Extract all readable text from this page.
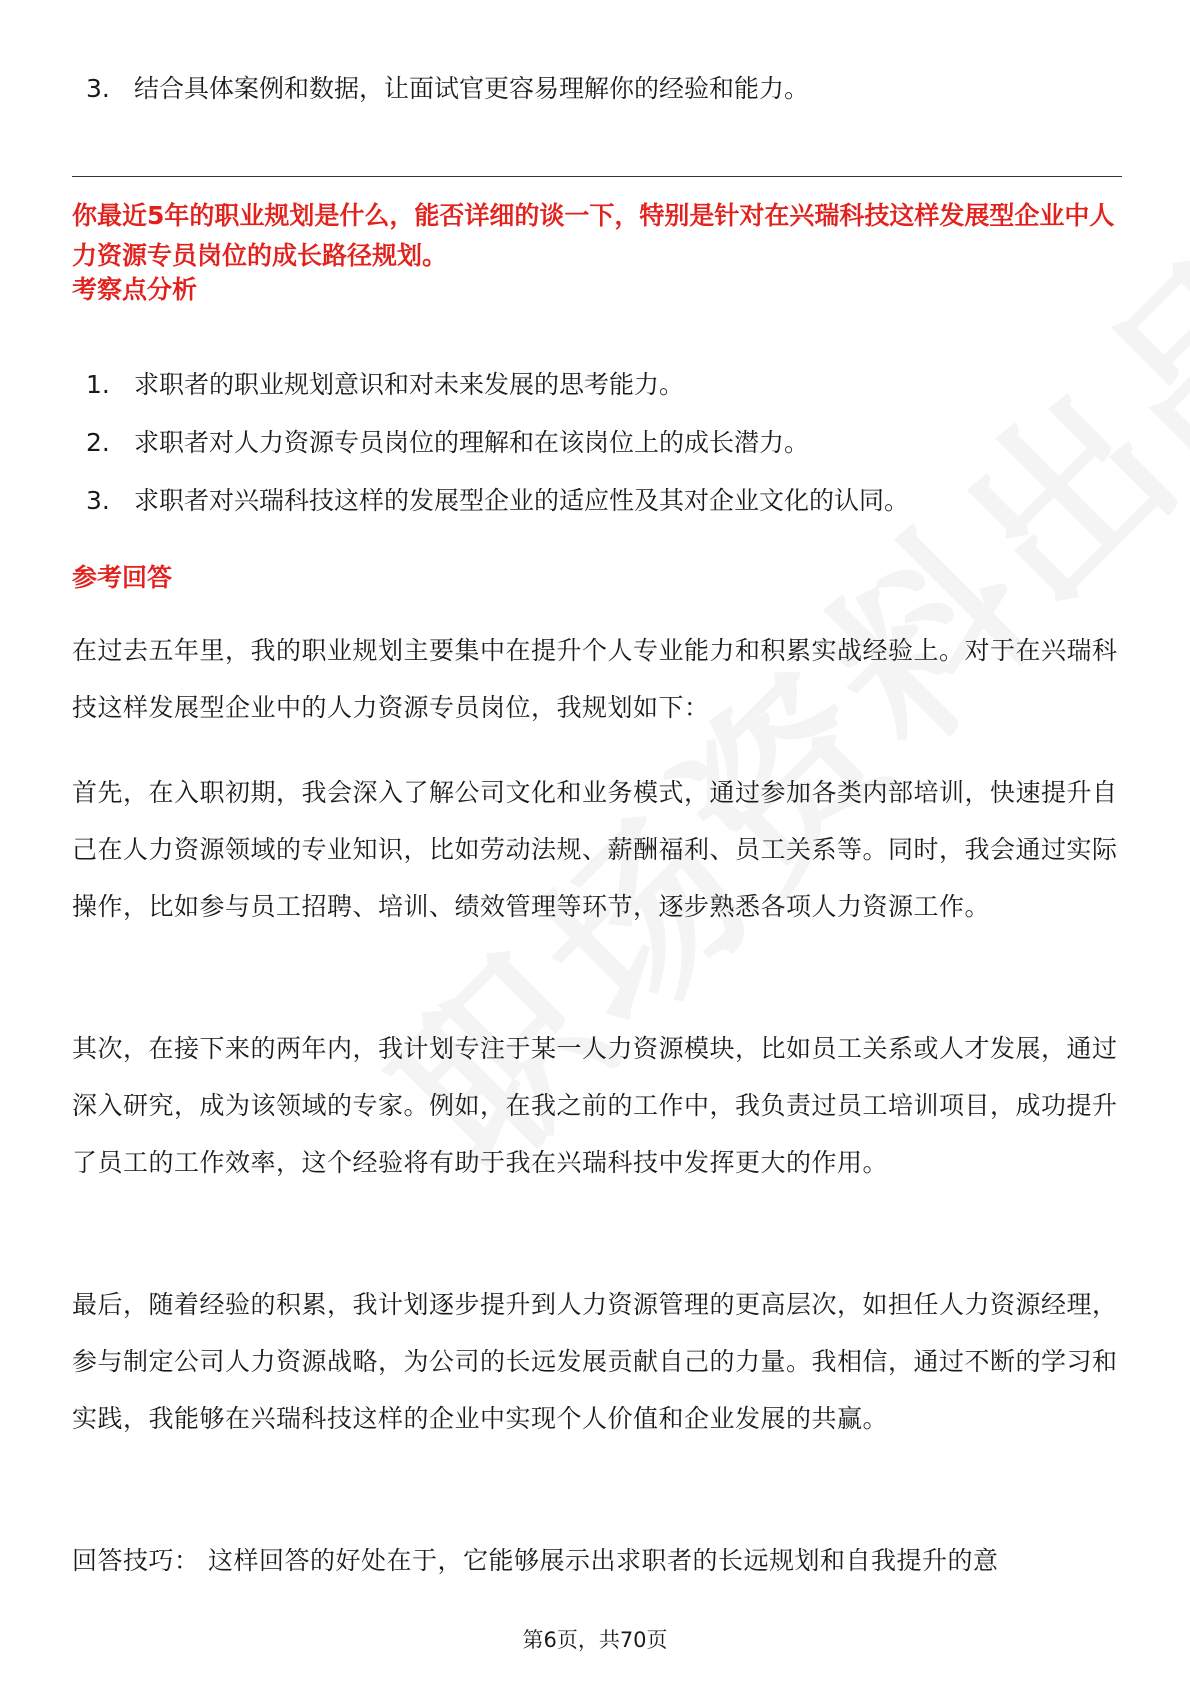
3. 结合具体案例和数据，让面试官更容易理解你的经验和能力。
你最近5年的职业规划是什么，能否详细的谈一下，特别是针对在兴瑞科技这样发展型企业中人力资源专员岗位的成长路径规划。
考察点分析
1. 求职者的职业规划意识和对未来发展的思考能力。
2. 求职者对人力资源专员岗位的理解和在该岗位上的成长潜力。
3. 求职者对兴瑞科技这样的发展型企业的适应性及其对企业文化的认同。
参考回答
在过去五年里，我的职业规划主要集中在提升个人专业能力和积累实战经验上。对于在兴瑞科技这样发展型企业中的人力资源专员岗位，我规划如下：
首先，在入职初期，我会深入了解公司文化和业务模式，通过参加各类内部培训，快速提升自己在人力资源领域的专业知识，比如劳动法规、薪酬福利、员工关系等。同时，我会通过实际操作，比如参与员工招聘、培训、绩效管理等环节，逐步熟悉各项人力资源工作。
其次，在接下来的两年内，我计划专注于某一人力资源模块，比如员工关系或人才发展，通过深入研究，成为该领域的专家。例如，在我之前的工作中，我负责过员工培训项目，成功提升了员工的工作效率，这个经验将有助于我在兴瑞科技中发挥更大的作用。
最后，随着经验的积累，我计划逐步提升到人力资源管理的更高层次，如担任人力资源经理，参与制定公司人力资源战略，为公司的长远发展贡献自己的力量。我相信，通过不断的学习和实践，我能够在兴瑞科技这样的企业中实现个人价值和企业发展的共赢。
回答技巧： 这样回答的好处在于，它能够展示出求职者的长远规划和自我提升的意
第6页，共70页
